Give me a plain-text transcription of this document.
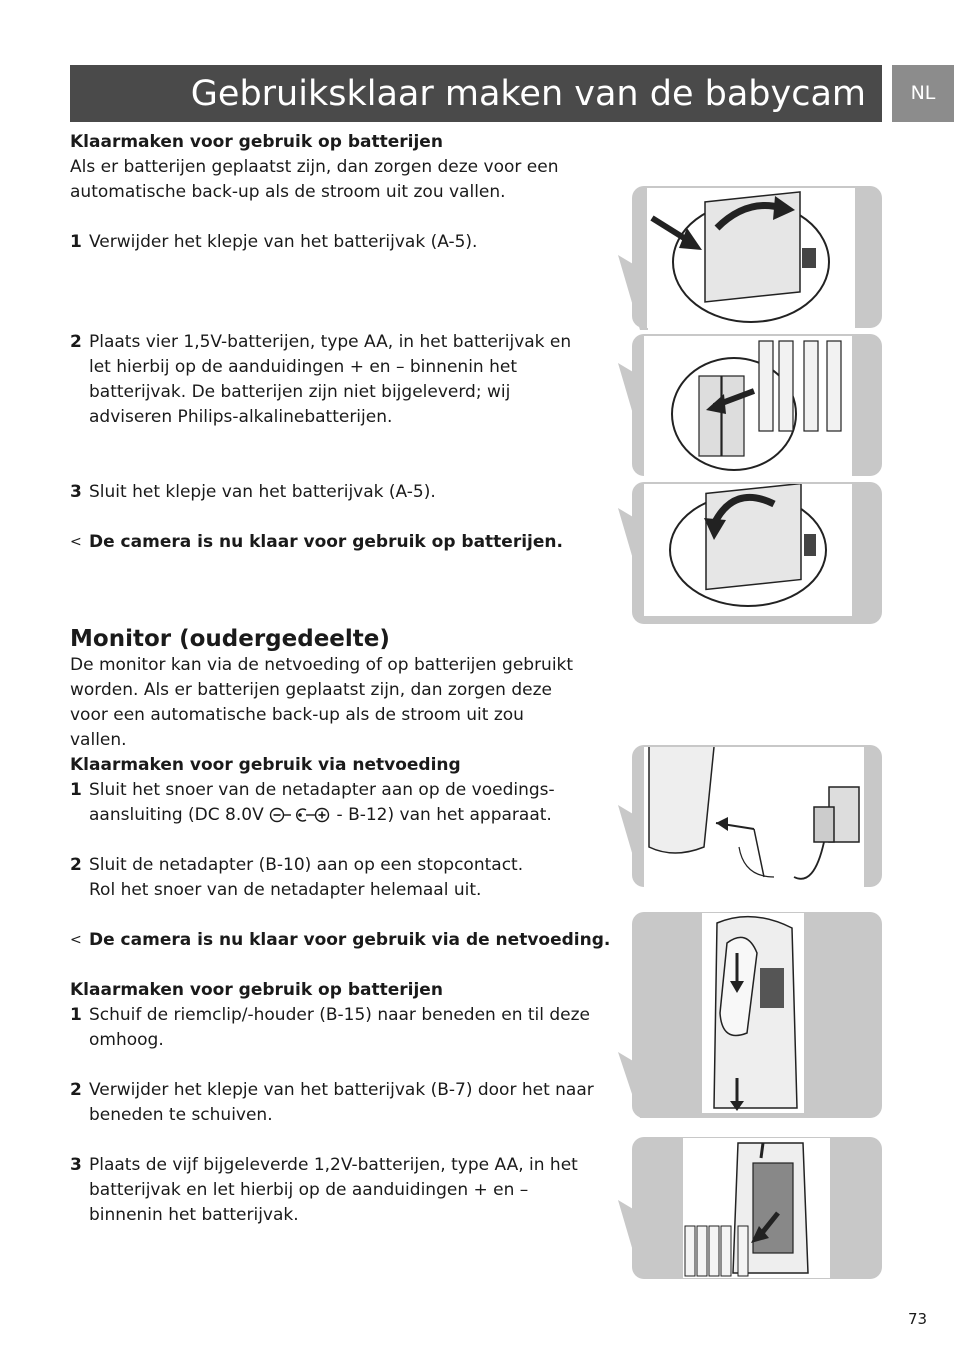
Gebruiksklaar maken van de babycam	NL
Klaarmaken voor gebruik op batterijen
Als er batterijen geplaatst zijn, dan zorgen deze voor een automatische back-up als de stroom uit zou vallen.
1 Verwijder het klepje van het batterijvak (A-5).
2 Plaats vier 1,5V-batterijen, type AA, in het batterijvak en let hierbij op de aanduidingen + en – binnenin het batterijvak. De batterijen zijn niet bijgeleverd; wij adviseren Philips-alkalinebatterijen.
3 Sluit het klepje van het batterijvak (A-5).
< De camera is nu klaar voor gebruik op batterijen.
Monitor (oudergedeelte)
De monitor kan via de netvoeding of op batterijen gebruikt worden. Als er batterijen geplaatst zijn, dan zorgen deze voor een automatische back-up als de stroom uit zou vallen.
Klaarmaken voor gebruik via netvoeding
1 Sluit het snoer van de netadapter aan op de voedings-aansluiting (DC 8.0V	- B-12) van het apparaat.
2 Sluit de netadapter (B-10) aan op een stopcontact.
Rol het snoer van de netadapter helemaal uit.
< De camera is nu klaar voor gebruik via de netvoeding.
Klaarmaken voor gebruik op batterijen
1 Schuif de riemclip/-houder (B-15) naar beneden en til deze omhoog.
2 Verwijder het klepje van het batterijvak (B-7) door het naar beneden te schuiven.
3 Plaats de vijf bijgeleverde 1,2V-batterijen, type AA, in het batterijvak en let hierbij op de aanduidingen + en – binnenin het batterijvak.
73
